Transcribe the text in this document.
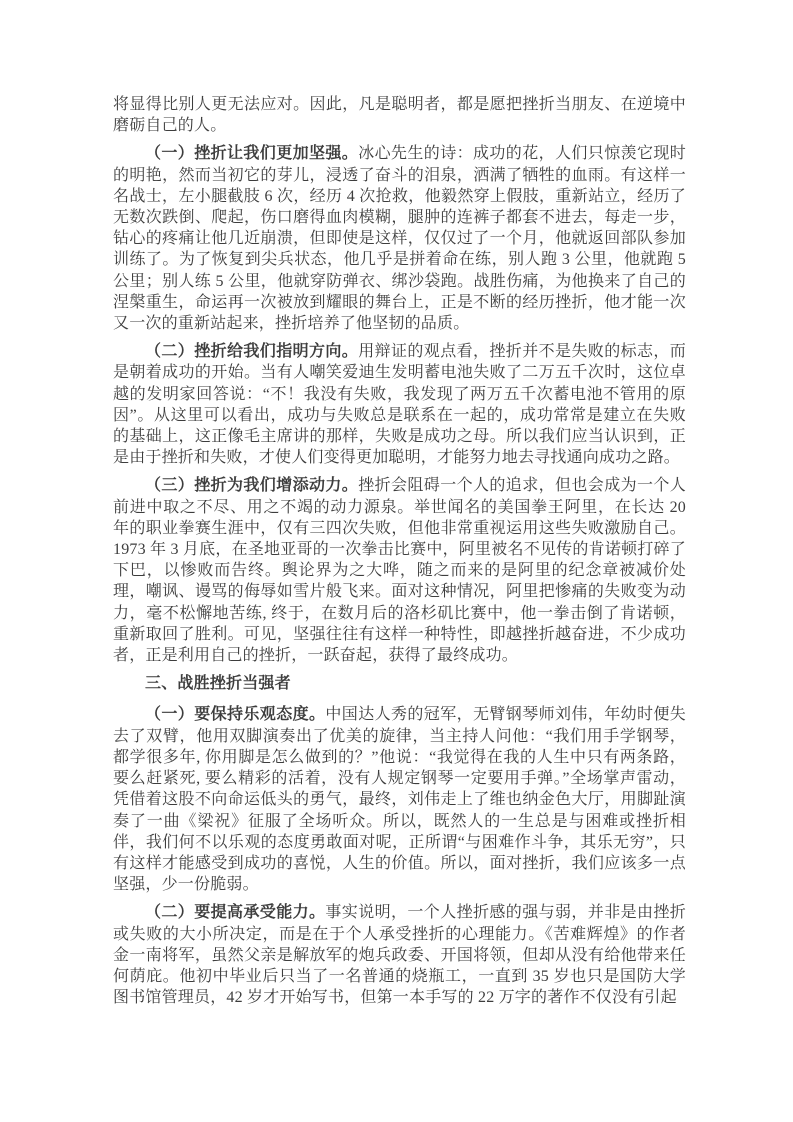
将显得比别人更无法应对。因此，凡是聪明者，都是愿把挫折当朋友、在逆境中磨砺自己的人。

（一）挫折让我们更加坚强。冰心先生的诗：成功的花，人们只惊羡它现时的明艳，然而当初它的芽儿，浸透了奋斗的泪泉，洒满了牺牲的血雨。有这样一名战士，左小腿截肢 6 次，经历 4 次抢救，他毅然穿上假肢，重新站立，经历了无数次跌倒、爬起，伤口磨得血肉模糊，腿肿的连裤子都套不进去，每走一步，钻心的疼痛让他几近崩溃，但即使是这样，仅仅过了一个月，他就返回部队参加训练了。为了恢复到尖兵状态，他几乎是拼着命在练，别人跑 3 公里，他就跑 5 公里；别人练 5 公里，他就穿防弹衣、绑沙袋跑。战胜伤痛，为他换来了自己的涅槃重生，命运再一次被放到耀眼的舞台上，正是不断的经历挫折，他才能一次又一次的重新站起来，挫折培养了他坚韧的品质。

（二）挫折给我们指明方向。用辩证的观点看，挫折并不是失败的标志，而是朝着成功的开始。当有人嘲笑爱迪生发明蓄电池失败了二万五千次时，这位卓越的发明家回答说：“不！我没有失败，我发现了两万五千次蓄电池不管用的原因”。从这里可以看出，成功与失败总是联系在一起的，成功常常是建立在失败的基础上，这正像毛主席讲的那样，失败是成功之母。所以我们应当认识到，正是由于挫折和失败，才使人们变得更加聪明，才能努力地去寻找通向成功之路。

（三）挫折为我们增添动力。挫折会阻碍一个人的追求，但也会成为一个人前进中取之不尽、用之不竭的动力源泉。举世闻名的美国拳王阿里，在长达 20 年的职业拳赛生涯中，仅有三四次失败，但他非常重视运用这些失败激励自己。1973 年 3 月底，在圣地亚哥的一次拳击比赛中，阿里被名不见传的肯诺顿打碎了下巴，以惨败而告终。舆论界为之大哗，随之而来的是阿里的纪念章被减价处理，嘲讽、谩骂的侮辱如雪片般飞来。面对这种情况，阿里把惨痛的失败变为动力，毫不松懈地苦练, 终于，在数月后的洛杉矶比赛中，他一拳击倒了肯诺顿，重新取回了胜利。可见，坚强往往有这样一种特性，即越挫折越奋进，不少成功者，正是利用自己的挫折，一跃奋起，获得了最终成功。

三、战胜挫折当强者

（一）要保持乐观态度。中国达人秀的冠军，无臂钢琴师刘伟，年幼时便失去了双臂，他用双脚演奏出了优美的旋律，当主持人问他：“我们用手学钢琴，都学很多年, 你用脚是怎么做到的？”他说：“我觉得在我的人生中只有两条路，要么赶紧死, 要么精彩的活着，没有人规定钢琴一定要用手弹。”全场掌声雷动，凭借着这股不向命运低头的勇气，最终，刘伟走上了维也纳金色大厅，用脚趾演奏了一曲《梁祝》征服了全场听众。所以，既然人的一生总是与困难或挫折相伴，我们何不以乐观的态度勇敢面对呢，正所谓“与困难作斗争，其乐无穷”，只有这样才能感受到成功的喜悦，人生的价值。所以，面对挫折，我们应该多一点坚强，少一份脆弱。

（二）要提高承受能力。事实说明，一个人挫折感的强与弱，并非是由挫折或失败的大小所决定，而是在于个人承受挫折的心理能力。《苦难辉煌》的作者金一南将军，虽然父亲是解放军的炮兵政委、开国将领，但却从没有给他带来任何荫庇。他初中毕业后只当了一名普通的烧瓶工，一直到 35 岁也只是国防大学图书馆管理员，42 岁才开始写书，但第一本手写的 22 万字的著作不仅没有引起
